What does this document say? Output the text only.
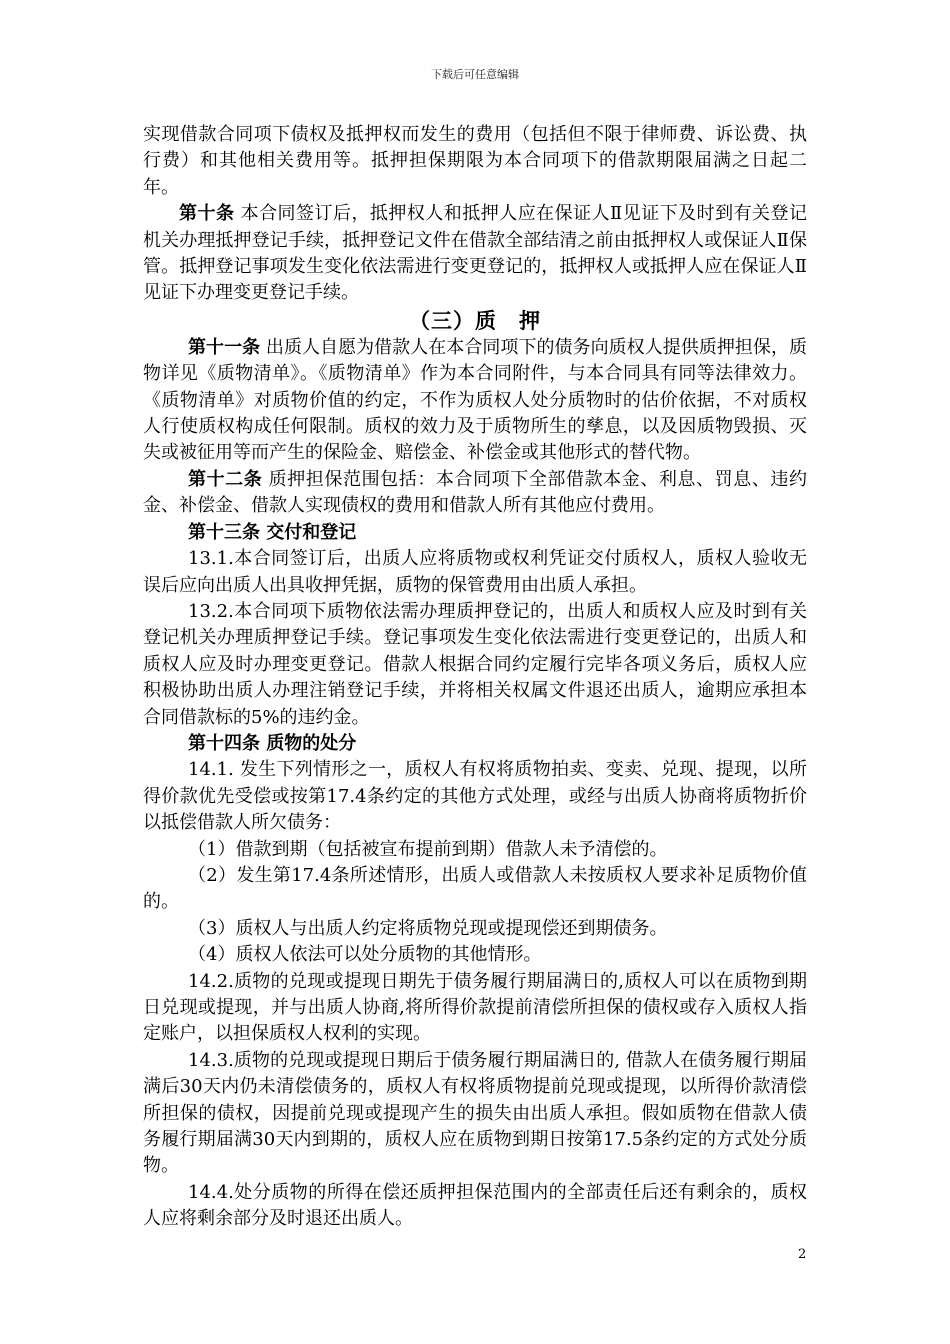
下载后可任意编辑

实现借款合同项下债权及抵押权而发生的费用（包括但不限于律师费、诉讼费、执行费）和其他相关费用等。抵押担保期限为本合同项下的借款期限届满之日起二年。

第十条 本合同签订后，抵押权人和抵押人应在保证人Ⅱ见证下及时到有关登记机关办理抵押登记手续，抵押登记文件在借款全部结清之前由抵押权人或保证人Ⅱ保管。抵押登记事项发生变化依法需进行变更登记的，抵押权人或抵押人应在保证人Ⅱ见证下办理变更登记手续。

（三）质　押

第十一条 出质人自愿为借款人在本合同项下的债务向质权人提供质押担保，质物详见《质物清单》。《质物清单》作为本合同附件，与本合同具有同等法律效力。《质物清单》对质物价值的约定，不作为质权人处分质物时的估价依据，不对质权人行使质权构成任何限制。质权的效力及于质物所生的孳息，以及因质物毁损、灭失或被征用等而产生的保险金、赔偿金、补偿金或其他形式的替代物。

第十二条 质押担保范围包括：本合同项下全部借款本金、利息、罚息、违约金、补偿金、借款人实现债权的费用和借款人所有其他应付费用。

第十三条 交付和登记

13.1.本合同签订后，出质人应将质物或权利凭证交付质权人，质权人验收无误后应向出质人出具收押凭据，质物的保管费用由出质人承担。

13.2.本合同项下质物依法需办理质押登记的，出质人和质权人应及时到有关登记机关办理质押登记手续。登记事项发生变化依法需进行变更登记的，出质人和质权人应及时办理变更登记。借款人根据合同约定履行完毕各项义务后，质权人应积极协助出质人办理注销登记手续，并将相关权属文件退还出质人，逾期应承担本合同借款标的5%的违约金。

第十四条 质物的处分

14.1. 发生下列情形之一，质权人有权将质物拍卖、变卖、兑现、提现，以所得价款优先受偿或按第17.4条约定的其他方式处理，或经与出质人协商将质物折价以抵偿借款人所欠债务：

（1）借款到期（包括被宣布提前到期）借款人未予清偿的。

（2）发生第17.4条所述情形，出质人或借款人未按质权人要求补足质物价值的。

（3）质权人与出质人约定将质物兑现或提现偿还到期债务。

（4）质权人依法可以处分质物的其他情形。

14.2.质物的兑现或提现日期先于债务履行期届满日的,质权人可以在质物到期日兑现或提现，并与出质人协商,将所得价款提前清偿所担保的债权或存入质权人指定账户，以担保质权人权利的实现。

14.3.质物的兑现或提现日期后于债务履行期届满日的, 借款人在债务履行期届满后30天内仍未清偿债务的，质权人有权将质物提前兑现或提现，以所得价款清偿所担保的债权，因提前兑现或提现产生的损失由出质人承担。假如质物在借款人债务履行期届满30天内到期的，质权人应在质物到期日按第17.5条约定的方式处分质物。

14.4.处分质物的所得在偿还质押担保范围内的全部责任后还有剩余的，质权人应将剩余部分及时退还出质人。

2
